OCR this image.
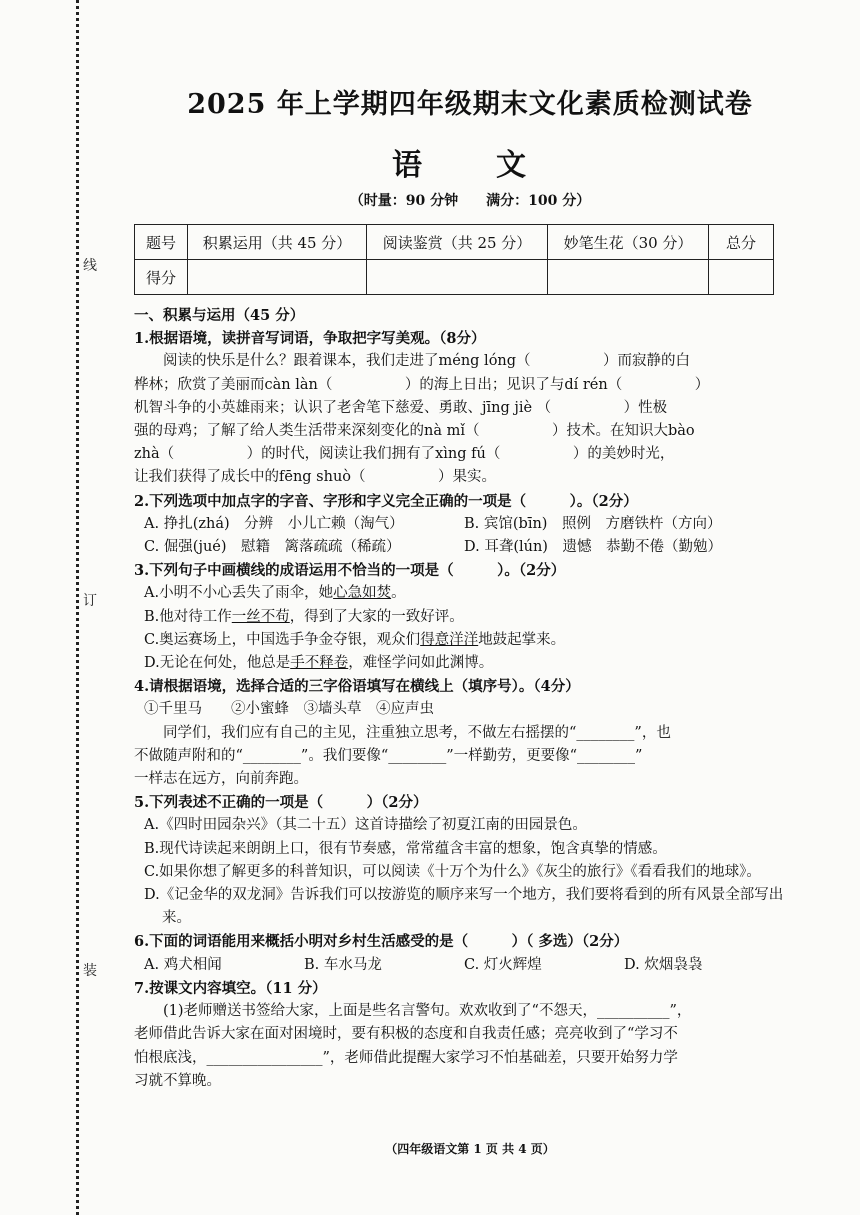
线
订
装
2025 年上学期四年级期末文化素质检测试卷
语　文
（时量：90 分钟　　满分：100 分）
题号	积累运用（共 45 分）	阅读鉴赏（共 25 分）	妙笔生花（30 分）	总分
得分				

一、积累与运用（45 分）

1.根据语境，读拼音写词语，争取把字写美观。（8分）

阅读的快乐是什么？跟着课本，我们走进了méng lóng（　　　　　）而寂静的白

桦林；欣赏了美丽而càn làn（　　　　　）的海上日出；见识了与dí rén（　　　　　）

机智斗争的小英雄雨来；认识了老舍笔下慈爱、勇敢、jīng jiè （　　　　　）性极

强的母鸡；了解了给人类生活带来深刻变化的nà mǐ（　　　　　）技术。在知识大bào

zhà（　　　　　）的时代，阅读让我们拥有了xìng fú（　　　　　）的美妙时光，

让我们获得了成长中的fēng shuò（　　　　　）果实。

2.下列选项中加点字的字音、字形和字义完全正确的一项是（　　　）。（2分）

A. 挣扎(zhá)　分辨　小儿亡赖（淘气）	B. 宾馆(bīn)　照例　方磨铁杵（方向）

C. 倔强(jué)　慰籍　篱落疏疏（稀疏）	D. 耳聋(lún)　遗憾　恭勤不倦（勤勉）

3.下列句子中画横线的成语运用不恰当的一项是（　　　）。（2分）

A.小明不小心丢失了雨伞，她心急如焚。

B.他对待工作一丝不苟，得到了大家的一致好评。

C.奥运赛场上，中国选手争金夺银，观众们得意洋洋地鼓起掌来。

D.无论在何处，他总是手不释卷，难怪学问如此渊博。

4.请根据语境，选择合适的三字俗语填写在横线上（填序号）。（4分）

①千里马　　②小蜜蜂　③墙头草　④应声虫

同学们，我们应有自己的主见，注重独立思考，不做左右摇摆的“________”，也

不做随声附和的“________”。我们要像“________”一样勤劳，更要像“________”

一样志在远方，向前奔跑。

5.下列表述不正确的一项是（　　　）（2分）

A.《四时田园杂兴》（其二十五）这首诗描绘了初夏江南的田园景色。

B.现代诗读起来朗朗上口，很有节奏感，常常蕴含丰富的想象，饱含真挚的情感。

C.如果你想了解更多的科普知识，可以阅读《十万个为什么》《灰尘的旅行》《看看我们的地球》。

D.《记金华的双龙洞》告诉我们可以按游览的顺序来写一个地方，我们要将看到的所有风景全部写出来。

6.下面的词语能用来概括小明对乡村生活感受的是（　　　）（ 多选）（2分）

A. 鸡犬相闻	B. 车水马龙	C. 灯火辉煌	D. 炊烟袅袅

7.按课文内容填空。（11 分）

(1)老师赠送书签给大家，上面是些名言警句。欢欢收到了“不怨天，__________”，

老师借此告诉大家在面对困境时，要有积极的态度和自我责任感；亮亮收到了“学习不

怕根底浅，________________”，老师借此提醒大家学习不怕基础差，只要开始努力学

习就不算晚。

（四年级语文第 1 页 共 4 页）
